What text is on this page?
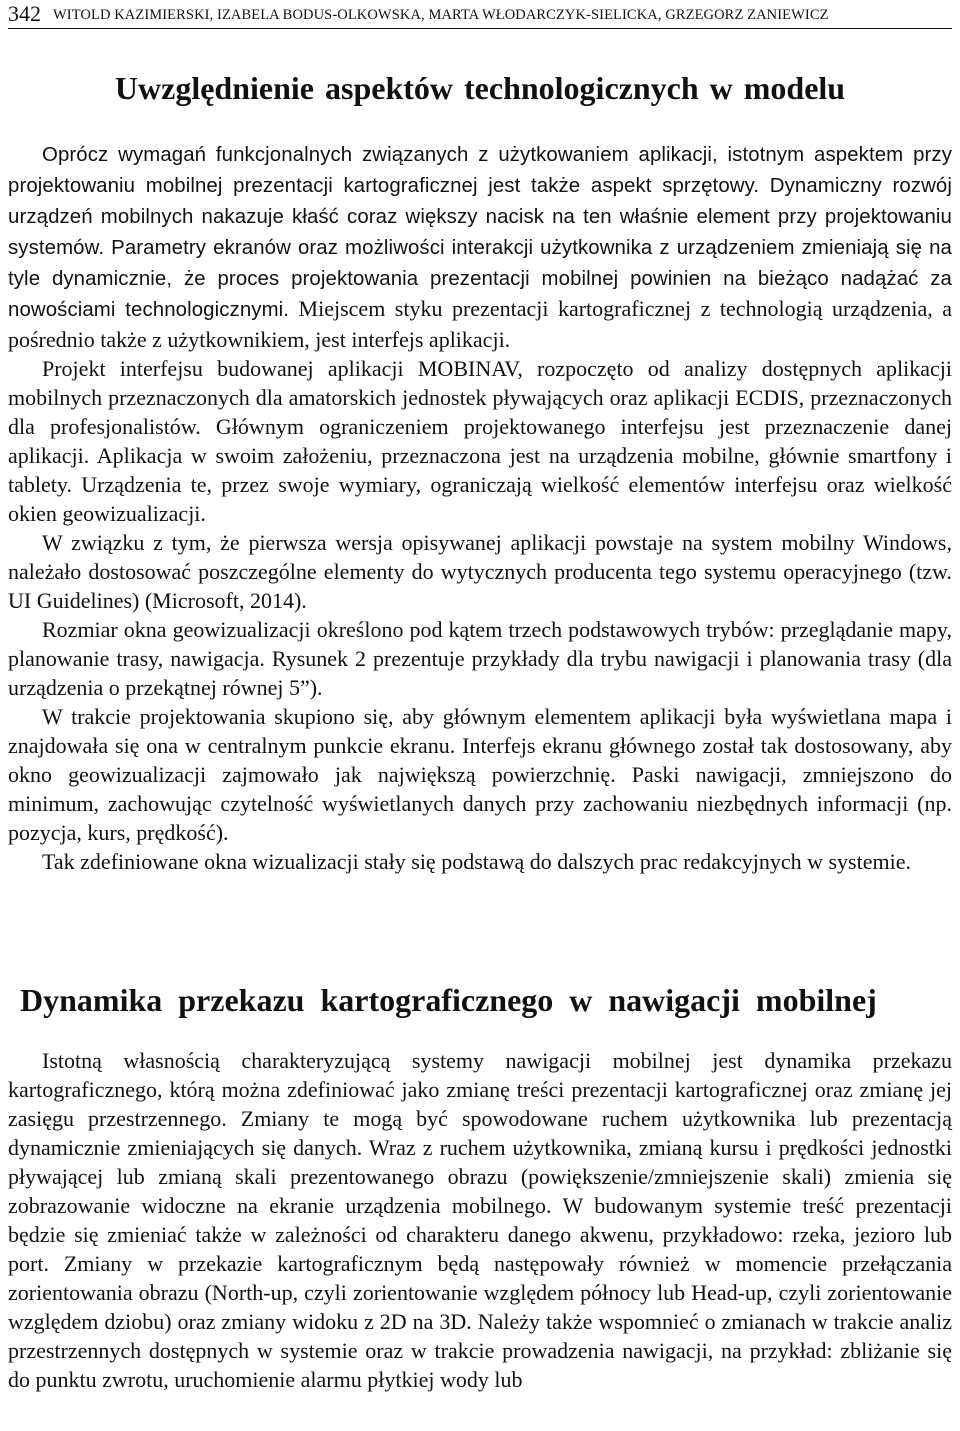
342 WITOLD KAZIMIERSKI, IZABELA BODUS-OLKOWSKA, MARTA WŁODARCZYK-SIELICKA, GRZEGORZ ZANIEWICZ
Uwzględnienie aspektów technologicznych w modelu

Oprócz wymagań funkcjonalnych związanych z użytkowaniem aplikacji, istotnym aspektem przy projektowaniu mobilnej prezentacji kartograficznej jest także aspekt sprzętowy. Dynamiczny rozwój urządzeń mobilnych nakazuje kłaść coraz większy nacisk na ten właśnie element przy projektowaniu systemów. Parametry ekranów oraz możliwości interakcji użytkownika z urządzeniem zmieniają się na tyle dynamicznie, że proces projektowania prezentacji mobilnej powinien na bieżąco nadążać za nowościami technologicznymi. Miejscem styku prezentacji kartograficznej z technologią urządzenia, a pośrednio także z użytkownikiem, jest interfejs aplikacji.

Projekt interfejsu budowanej aplikacji MOBINAV, rozpoczęto od analizy dostępnych aplikacji mobilnych przeznaczonych dla amatorskich jednostek pływających oraz aplikacji ECDIS, przeznaczonych dla profesjonalistów. Głównym ograniczeniem projektowanego interfejsu jest przeznaczenie danej aplikacji. Aplikacja w swoim założeniu, przeznaczona jest na urządzenia mobilne, głównie smartfony i tablety. Urządzenia te, przez swoje wymiary, ograniczają wielkość elementów interfejsu oraz wielkość okien geowizualizacji.

W związku z tym, że pierwsza wersja opisywanej aplikacji powstaje na system mobilny Windows, należało dostosować poszczególne elementy do wytycznych producenta tego systemu operacyjnego (tzw. UI Guidelines) (Microsoft, 2014).

Rozmiar okna geowizualizacji określono pod kątem trzech podstawowych trybów: przeglądanie mapy, planowanie trasy, nawigacja. Rysunek 2 prezentuje przykłady dla trybu nawigacji i planowania trasy (dla urządzenia o przekątnej równej 5”).

W trakcie projektowania skupiono się, aby głównym elementem aplikacji była wyświetlana mapa i znajdowała się ona w centralnym punkcie ekranu. Interfejs ekranu głównego został tak dostosowany, aby okno geowizualizacji zajmowało jak największą powierzchnię. Paski nawigacji, zmniejszono do minimum, zachowując czytelność wyświetlanych danych przy zachowaniu niezbędnych informacji (np. pozycja, kurs, prędkość).

Tak zdefiniowane okna wizualizacji stały się podstawą do dalszych prac redakcyjnych w systemie.

Dynamika przekazu kartograficznego w nawigacji mobilnej

Istotną własnością charakteryzującą systemy nawigacji mobilnej jest dynamika przekazu kartograficznego, którą można zdefiniować jako zmianę treści prezentacji kartograficznej oraz zmianę jej zasięgu przestrzennego. Zmiany te mogą być spowodowane ruchem użytkownika lub prezentacją dynamicznie zmieniających się danych. Wraz z ruchem użytkownika, zmianą kursu i prędkości jednostki pływającej lub zmianą skali prezentowanego obrazu (powiększenie/zmniejszenie skali) zmienia się zobrazowanie widoczne na ekranie urządzenia mobilnego. W budowanym systemie treść prezentacji będzie się zmieniać także w zależności od charakteru danego akwenu, przykładowo: rzeka, jezioro lub port. Zmiany w przekazie kartograficznym będą następowały również w momencie przełączania zorientowania obrazu (North-up, czyli zorientowanie względem północy lub Head-up, czyli zorientowanie względem dziobu) oraz zmiany widoku z 2D na 3D. Należy także wspomnieć o zmianach w trakcie analiz przestrzennych dostępnych w systemie oraz w trakcie prowadzenia nawigacji, na przykład: zbliżanie się do punktu zwrotu, uruchomienie alarmu płytkiej wody lub
